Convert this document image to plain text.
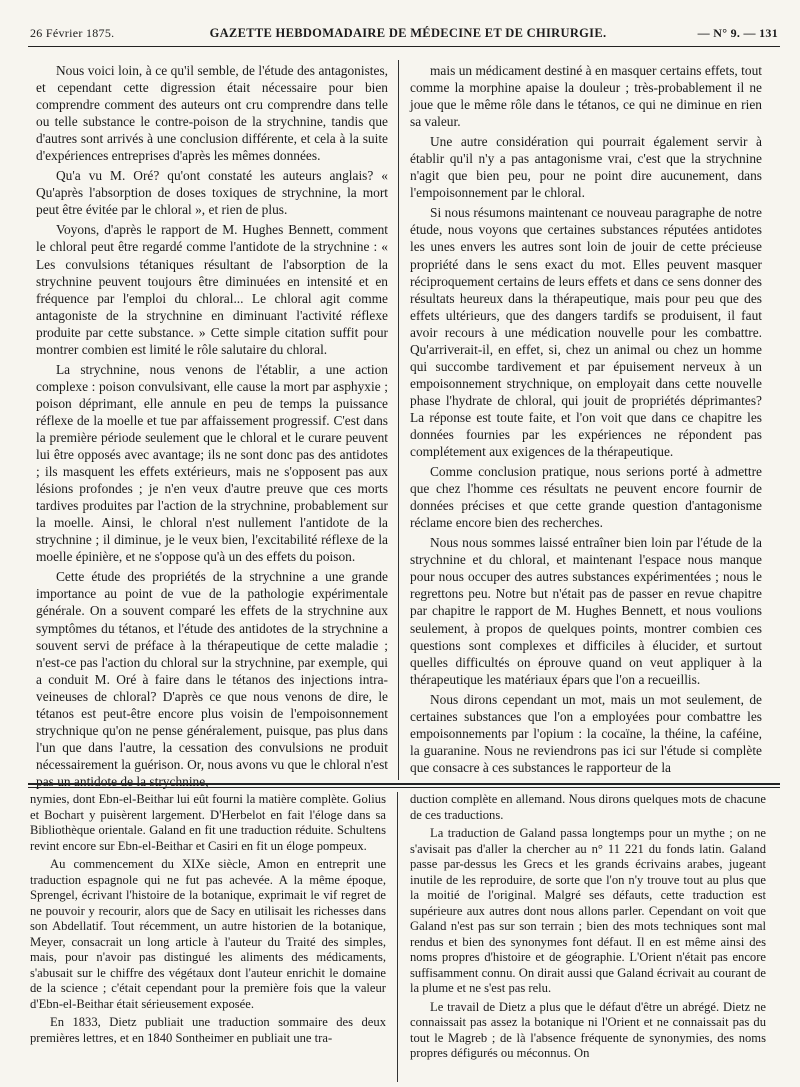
26 Février 1875.	GAZETTE HEBDOMADAIRE DE MÉDECINE ET DE CHIRURGIE.	— N° 9. — 131

Nous voici loin, à ce qu'il semble, de l'étude des antagonistes, et cependant cette digression était nécessaire pour bien comprendre comment des auteurs ont cru comprendre dans telle ou telle substance le contre-poison de la strychnine, tandis que d'autres sont arrivés à une conclusion différente, et cela à la suite d'expériences entreprises d'après les mêmes données.

Qu'a vu M. Oré? qu'ont constaté les auteurs anglais? « Qu'après l'absorption de doses toxiques de strychnine, la mort peut être évitée par le chloral », et rien de plus.

Voyons, d'après le rapport de M. Hughes Bennett, comment le chloral peut être regardé comme l'antidote de la strychnine : « Les convulsions tétaniques résultant de l'absorption de la strychnine peuvent toujours être diminuées en intensité et en fréquence par l'emploi du chloral... Le chloral agit comme antagoniste de la strychnine en diminuant l'activité réflexe produite par cette substance. » Cette simple citation suffit pour montrer combien est limité le rôle salutaire du chloral.

La strychnine, nous venons de l'établir, a une action complexe : poison convulsivant, elle cause la mort par asphyxie ; poison déprimant, elle annule en peu de temps la puissance réflexe de la moelle et tue par affaissement progressif. C'est dans la première période seulement que le chloral et le curare peuvent lui être opposés avec avantage; ils ne sont donc pas des antidotes ; ils masquent les effets extérieurs, mais ne s'opposent pas aux lésions profondes ; je n'en veux d'autre preuve que ces morts tardives produites par l'action de la strychnine, probablement sur la moelle. Ainsi, le chloral n'est nullement l'antidote de la strychnine ; il diminue, je le veux bien, l'excitabilité réflexe de la moelle épinière, et ne s'oppose qu'à un des effets du poison.

Cette étude des propriétés de la strychnine a une grande importance au point de vue de la pathologie expérimentale générale. On a souvent comparé les effets de la strychnine aux symptômes du tétanos, et l'étude des antidotes de la strychnine a souvent servi de préface à la thérapeutique de cette maladie ; n'est-ce pas l'action du chloral sur la strychnine, par exemple, qui a conduit M. Oré à faire dans le tétanos des injections intra-veineuses de chloral? D'après ce que nous venons de dire, le tétanos est peut-être encore plus voisin de l'empoisonnement strychnique qu'on ne pense généralement, puisque, pas plus dans l'un que dans l'autre, la cessation des convulsions ne produit nécessairement la guérison. Or, nous avons vu que le chloral n'est pas un antidote de la strychnine,

mais un médicament destiné à en masquer certains effets, tout comme la morphine apaise la douleur ; très-probablement il ne joue que le même rôle dans le tétanos, ce qui ne diminue en rien sa valeur.

Une autre considération qui pourrait également servir à établir qu'il n'y a pas antagonisme vrai, c'est que la strychnine n'agit que bien peu, pour ne point dire aucunement, dans l'empoisonnement par le chloral.

Si nous résumons maintenant ce nouveau paragraphe de notre étude, nous voyons que certaines substances réputées antidotes les unes envers les autres sont loin de jouir de cette précieuse propriété dans le sens exact du mot. Elles peuvent masquer réciproquement certains de leurs effets et dans ce sens donner des résultats heureux dans la thérapeutique, mais pour peu que des effets ultérieurs, que des dangers tardifs se produisent, il faut avoir recours à une médication nouvelle pour les combattre. Qu'arriverait-il, en effet, si, chez un animal ou chez un homme qui succombe tardivement et par épuisement nerveux à un empoisonnement strychnique, on employait dans cette nouvelle phase l'hydrate de chloral, qui jouit de propriétés déprimantes? La réponse est toute faite, et l'on voit que dans ce chapitre les données fournies par les expériences ne répondent pas complétement aux exigences de la thérapeutique.

Comme conclusion pratique, nous serions porté à admettre que chez l'homme ces résultats ne peuvent encore fournir de données précises et que cette grande question d'antagonisme réclame encore bien des recherches.

Nous nous sommes laissé entraîner bien loin par l'étude de la strychnine et du chloral, et maintenant l'espace nous manque pour nous occuper des autres substances expérimentées ; nous le regrettons peu. Notre but n'était pas de passer en revue chapitre par chapitre le rapport de M. Hughes Bennett, et nous voulions seulement, à propos de quelques points, montrer combien ces questions sont complexes et difficiles à élucider, et surtout quelles difficultés on éprouve quand on veut appliquer à la thérapeutique les matériaux épars que l'on a recueillis.

Nous dirons cependant un mot, mais un mot seulement, de certaines substances que l'on a employées pour combattre les empoisonnements par l'opium : la cocaïne, la théine, la caféine, la guaranine. Nous ne reviendrons pas ici sur l'étude si complète que consacre à ces substances le rapporteur de la

nymies, dont Ebn-el-Beithar lui eût fourni la matière complète. Golius et Bochart y puisèrent largement. D'Herbelot en fait l'éloge dans sa Bibliothèque orientale. Galand en fit une traduction réduite. Schultens revint encore sur Ebn-el-Beithar et Casiri en fit un éloge pompeux.

Au commencement du XIXe siècle, Amon en entreprit une traduction espagnole qui ne fut pas achevée. A la même époque, Sprengel, écrivant l'histoire de la botanique, exprimait le vif regret de ne pouvoir y recourir, alors que de Sacy en utilisait les richesses dans son Abdellatif. Tout récemment, un autre historien de la botanique, Meyer, consacrait un long article à l'auteur du Traité des simples, mais, pour n'avoir pas distingué les aliments des médicaments, s'abusait sur le chiffre des végétaux dont l'auteur enrichit le domaine de la science ; c'était cependant pour la première fois que la valeur d'Ebn-el-Beithar était sérieusement exposée.

En 1833, Dietz publiait une traduction sommaire des deux premières lettres, et en 1840 Sontheimer en publiait une tra-

duction complète en allemand. Nous dirons quelques mots de chacune de ces traductions.

La traduction de Galand passa longtemps pour un mythe ; on ne s'avisait pas d'aller la chercher au n° 11 221 du fonds latin. Galand passe par-dessus les Grecs et les grands écrivains arabes, jugeant inutile de les reproduire, de sorte que l'on n'y trouve tout au plus que la moitié de l'original. Malgré ses défauts, cette traduction est supérieure aux autres dont nous allons parler. Cependant on voit que Galand n'est pas sur son terrain ; bien des mots techniques sont mal rendus et bien des synonymes font défaut. Il en est même ainsi des noms propres d'histoire et de géographie. L'Orient n'était pas encore suffisamment connu. On dirait aussi que Galand écrivait au courant de la plume et ne s'est pas relu.

Le travail de Dietz a plus que le défaut d'être un abrégé. Dietz ne connaissait pas assez la botanique ni l'Orient et ne connaissait pas du tout le Magreb ; de là l'absence fréquente de synonymies, des noms propres défigurés ou méconnus. On
